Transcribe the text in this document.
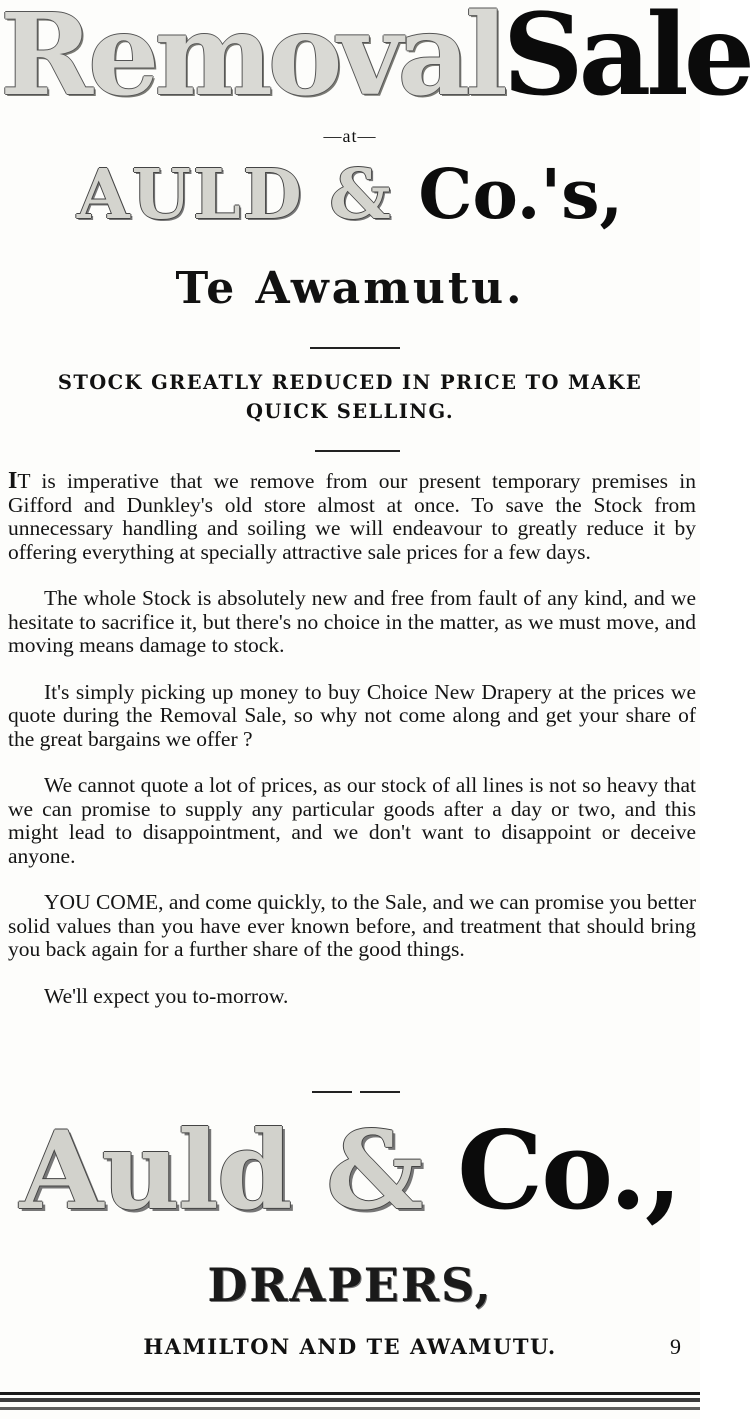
RemovalSale
—at—
AULD & Co.'s,
Te Awamutu.
STOCK GREATLY REDUCED IN PRICE TO MAKE QUICK SELLING.

IT is imperative that we remove from our present temporary premises in Gifford and Dunkley's old store almost at once. To save the Stock from unnecessary handling and soiling we will endeavour to greatly reduce it by offering everything at specially attractive sale prices for a few days.

The whole Stock is absolutely new and free from fault of any kind, and we hesitate to sacrifice it, but there's no choice in the matter, as we must move, and moving means damage to stock.

It's simply picking up money to buy Choice New Drapery at the prices we quote during the Removal Sale, so why not come along and get your share of the great bargains we offer ?

We cannot quote a lot of prices, as our stock of all lines is not so heavy that we can promise to supply any particular goods after a day or two, and this might lead to disappointment, and we don't want to disappoint or deceive anyone.

YOU COME, and come quickly, to the Sale, and we can promise you better solid values than you have ever known before, and treatment that should bring you back again for a further share of the good things.

We'll expect you to-morrow.

Auld & Co.,
DRAPERS,
HAMILTON AND TE AWAMUTU.	9
